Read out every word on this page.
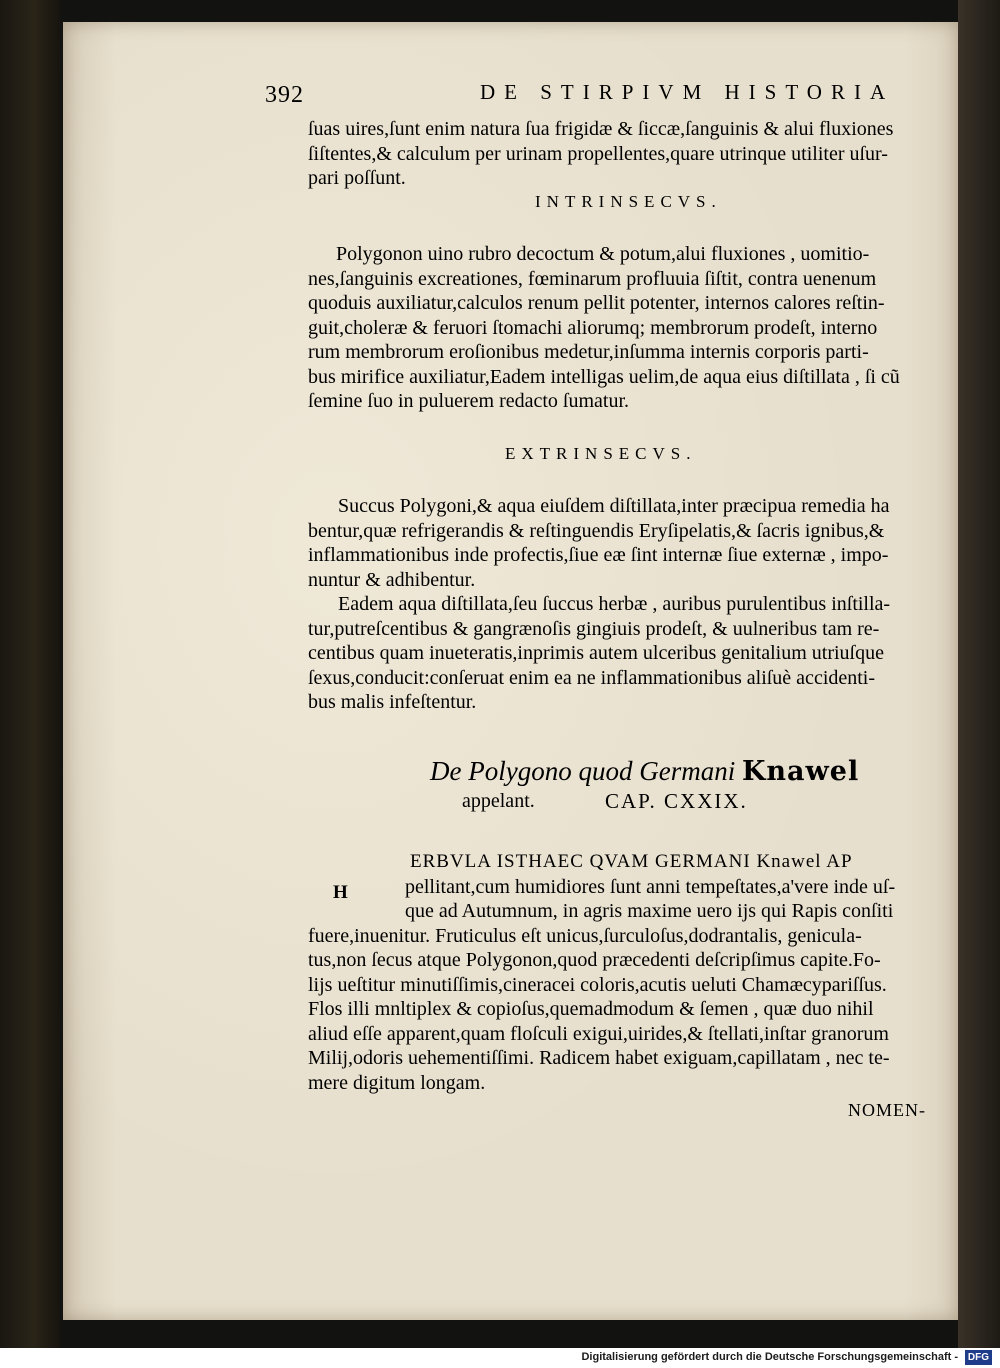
392	DE STIRPIVM HISTORIA
ſuas uires,ſunt enim natura ſua frigidæ & ſiccæ,ſanguinis & alui fluxiones
ſiſtentes,& calculum per urinam propellentes,quare utrinque utiliter uſur-
pari poſſunt.
INTRINSECVS.
Polygonon uino rubro decoctum & potum,alui fluxiones , uomitio-
nes,ſanguinis excreationes, fœminarum profluuia ſiſtit, contra uenenum
quoduis auxiliatur,calculos renum pellit potenter, internos calores reſtin-
guit,choleræ & feruori ſtomachi aliorumq; membrorum prodeſt, interno
rum membrorum eroſionibus medetur,inſumma internis corporis parti-
bus mirifice auxiliatur,Eadem intelligas uelim,de aqua eius diſtillata , ſi cũ
ſemine ſuo in puluerem redacto ſumatur.
EXTRINSECVS.
Succus Polygoni,& aqua eiuſdem diſtillata,inter præcipua remedia ha
bentur,quæ refrigerandis & reſtinguendis Eryſipelatis,& ſacris ignibus,&
inflammationibus inde profectis,ſiue eæ ſint internæ ſiue externæ , impo-
nuntur & adhibentur.
Eadem aqua diſtillata,ſeu ſuccus herbæ , auribus purulentibus inſtilla-
tur,putreſcentibus & gangrænoſis gingiuis prodeſt, & uulneribus tam re-
centibus quam inueteratis,inprimis autem ulceribus genitalium utriuſque
ſexus,conducit:conſeruat enim ea ne inflammationibus aliſuè accidenti-
bus malis infeſtentur.
De Polygono quod Germani Knawel
appelant.	CAP. CXXIX.
H
ERBVLA ISTHAEC QVAM GERMANI Knawel AP
pellitant,cum humidiores ſunt anni tempeſtates,a'vere inde uſ-
que ad Autumnum, in agris maxime uero ijs qui Rapis conſiti
fuere,inuenitur. Fruticulus eſt unicus,ſurculoſus,dodrantalis, genicula-
tus,non ſecus atque Polygonon,quod præcedenti deſcripſimus capite.Fo-
lijs ueſtitur minutiſſimis,cineracei coloris,acutis ueluti Chamæcypariſſus.
Flos illi mnltiplex & copioſus,quemadmodum & ſemen , quæ duo nihil
aliud eſſe apparent,quam floſculi exigui,uirides,& ſtellati,inſtar granorum
Milij,odoris uehementiſſimi. Radicem habet exiguam,capillatam , nec te-
mere digitum longam.
NOMEN-
Digitalisierung gefördert durch die Deutsche Forschungsgemeinschaft - DFG
